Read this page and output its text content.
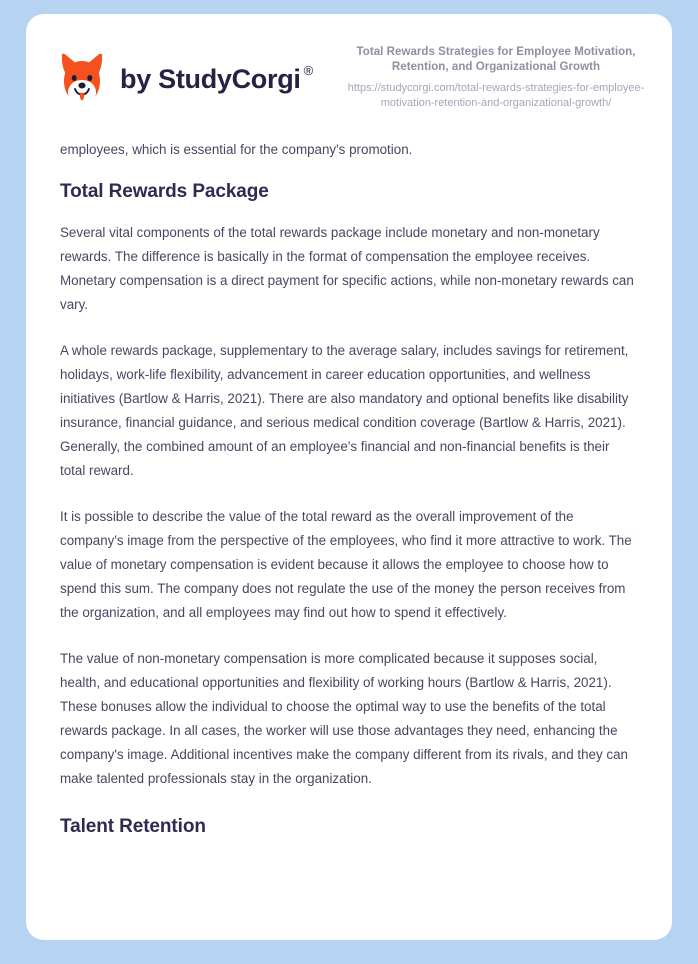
by StudyCorgi ®
Total Rewards Strategies for Employee Motivation, Retention, and Organizational Growth
https://studycorgi.com/total-rewards-strategies-for-employee-motivation-retention-and-organizational-growth/

employees, which is essential for the company's promotion.

Total Rewards Package

Several vital components of the total rewards package include monetary and non-monetary rewards. The difference is basically in the format of compensation the employee receives. Monetary compensation is a direct payment for specific actions, while non-monetary rewards can vary.

A whole rewards package, supplementary to the average salary, includes savings for retirement, holidays, work-life flexibility, advancement in career education opportunities, and wellness initiatives (Bartlow & Harris, 2021). There are also mandatory and optional benefits like disability insurance, financial guidance, and serious medical condition coverage (Bartlow & Harris, 2021). Generally, the combined amount of an employee's financial and non-financial benefits is their total reward.

It is possible to describe the value of the total reward as the overall improvement of the company's image from the perspective of the employees, who find it more attractive to work. The value of monetary compensation is evident because it allows the employee to choose how to spend this sum. The company does not regulate the use of the money the person receives from the organization, and all employees may find out how to spend it effectively.

The value of non-monetary compensation is more complicated because it supposes social, health, and educational opportunities and flexibility of working hours (Bartlow & Harris, 2021). These bonuses allow the individual to choose the optimal way to use the benefits of the total rewards package. In all cases, the worker will use those advantages they need, enhancing the company's image. Additional incentives make the company different from its rivals, and they can make talented professionals stay in the organization.

Talent Retention
